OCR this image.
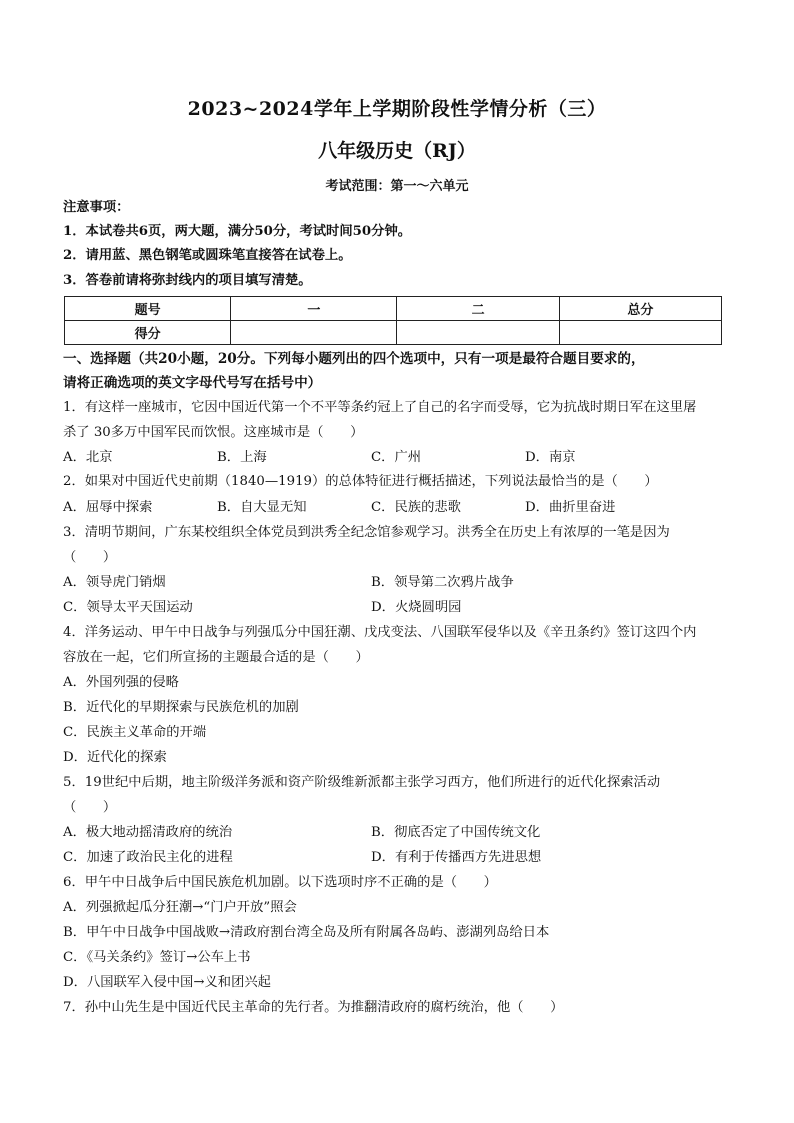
2023~2024学年上学期阶段性学情分析（三）
八年级历史（RJ）
考试范围：第一～六单元
注意事项：
1．本试卷共6页，两大题，满分50分，考试时间50分钟。
2．请用蓝、黑色钢笔或圆珠笔直接答在试卷上。
3．答卷前请将弥封线内的项目填写清楚。
题号	一	二	总分
得分			
一、选择题（共20小题，20分。下列每小题列出的四个选项中，只有一项是最符合题目要求的，
请将正确选项的英文字母代号写在括号中）
1．有这样一座城市，它因中国近代第一个不平等条约冠上了自己的名字而受辱，它为抗战时期日军在这里屠
杀了 30多万中国军民而饮恨。这座城市是（　　）
A．北京	B．上海	C．广州	D．南京
2．如果对中国近代史前期（1840—1919）的总体特征进行概括描述，下列说法最恰当的是（　　）
A．屈辱中探索	B．自大显无知	C．民族的悲歌	D．曲折里奋进
3．清明节期间，广东某校组织全体党员到洪秀全纪念馆参观学习。洪秀全在历史上有浓厚的一笔是因为
（　　）
A．领导虎门销烟	B．领导第二次鸦片战争
C．领导太平天国运动	D．火烧圆明园
4．洋务运动、甲午中日战争与列强瓜分中国狂潮、戊戌变法、八国联军侵华以及《辛丑条约》签订这四个内
容放在一起，它们所宣扬的主题最合适的是（　　）
A．外国列强的侵略
B．近代化的早期探索与民族危机的加剧
C．民族主义革命的开端
D．近代化的探索
5．19世纪中后期，地主阶级洋务派和资产阶级维新派都主张学习西方，他们所进行的近代化探索活动
（　　）
A．极大地动摇清政府的统治	B．彻底否定了中国传统文化
C．加速了政治民主化的进程	D．有利于传播西方先进思想
6．甲午中日战争后中国民族危机加剧。以下选项时序不正确的是（　　）
A．列强掀起瓜分狂潮→“门户开放”照会
B．甲午中日战争中国战败→清政府割台湾全岛及所有附属各岛屿、澎湖列岛给日本
C．《马关条约》签订→公车上书
D．八国联军入侵中国→义和团兴起
7．孙中山先生是中国近代民主革命的先行者。为推翻清政府的腐朽统治，他（　　）
